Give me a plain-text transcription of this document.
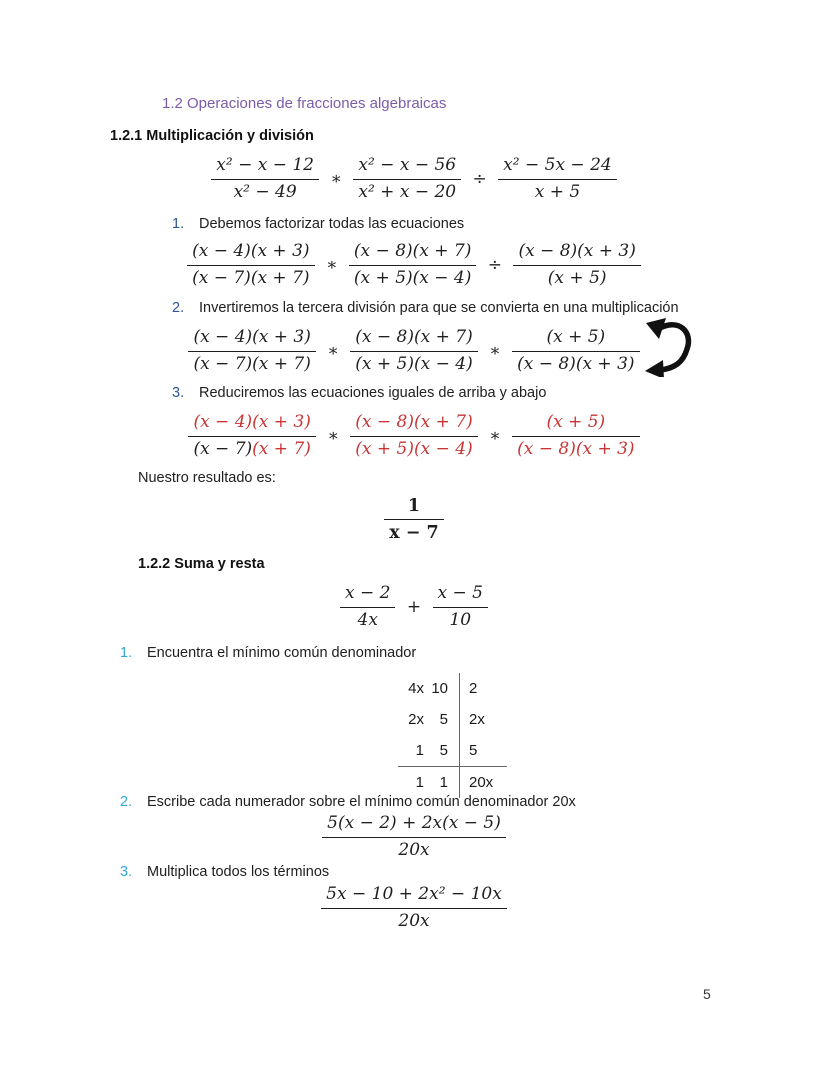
1.2 Operaciones de fracciones algebraicas
1.2.1 Multiplicación y división
$\frac{\text{x² − x − 12}}{\text{x² − 49}}$ ∗ $\frac{\text{x² − x − 56}}{\text{x² + x − 20}} \div \frac{\text{x² − 5x − 24}}{x + 5}$
1. Debemos factorizar todas las ecuaciones
$\frac{(x - 4)(x + 3)}{(x - 7)(x + 7)}$ ∗ $\frac{(x - 8)(x + 7)}{(x + 5)(x - 4)} \div \frac{(x - 8)(x + 3)}{(x + 5)}$
2. Invertiremos la tercera división para que se convierta en una multiplicación
$\frac{(x - 4)(x + 3)}{(x - 7)(x + 7)}$ ∗ $\frac{(x - 8)(x + 7)}{(x + 5)(x - 4)}$ ∗ $\frac{(x + 5)}{(x - 8)(x + 3)}$
3. Reduciremos las ecuaciones iguales de arriba y abajo
$\frac{(x - 4)(x + 3)}{(x - 7)(x + 7)}$ ∗ $\frac{(x - 8)(x + 7)}{(x + 5)(x - 4)}$ ∗ $\frac{(x + 5)}{(x - 8)(x + 3)}$
Nuestro resultado es:
$\frac{1}{x - 7}$
1.2.2 Suma y resta
$\frac{x - 2}{4x} + \frac{x - 5}{10}$
1. Encuentra el mínimo común denominador
4x 10	2
2x	5	2x
1	5	5
1	1	20x
2. Escribe cada numerador sobre el mínimo común denominador 20x
$\frac{5(x - 2) + 2x(x - 5)}{20x}$
3. Multiplica todos los términos
$\frac{\text{5x − 10 + 2x² − 10x}}{20x}$
5
